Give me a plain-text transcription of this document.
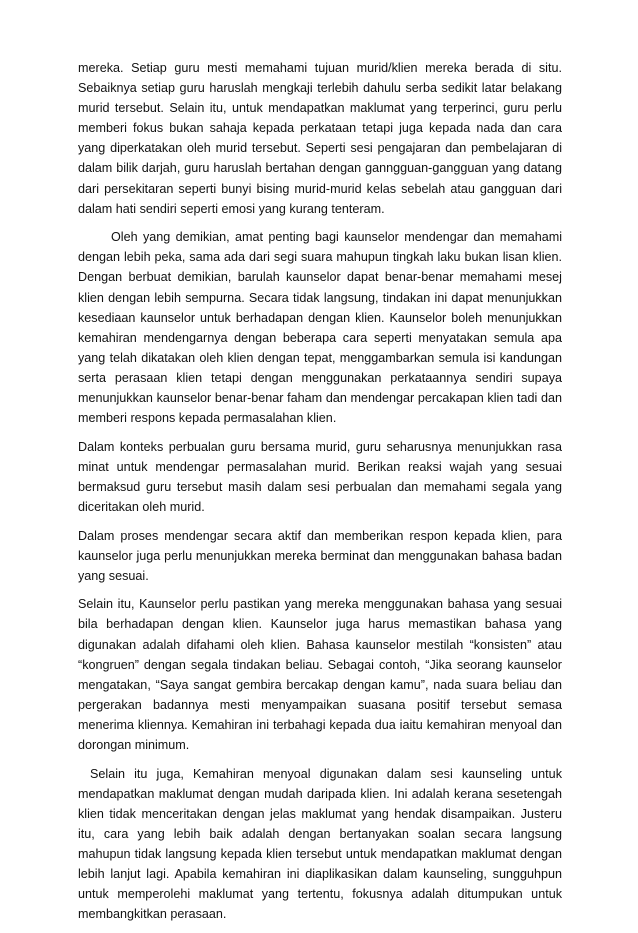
mereka. Setiap guru mesti memahami tujuan murid/klien mereka berada di situ. Sebaiknya setiap guru haruslah mengkaji terlebih dahulu serba sedikit latar belakang murid tersebut. Selain itu, untuk mendapatkan maklumat yang terperinci, guru perlu memberi fokus bukan sahaja kepada perkataan tetapi juga kepada nada dan cara yang diperkatakan oleh murid tersebut. Seperti sesi pengajaran dan pembelajaran di dalam bilik darjah, guru haruslah bertahan dengan gannggua‌n-gangguan yang datang dari persekitaran seperti bunyi bising murid-murid kelas sebelah atau gangguan dari dalam hati sendiri seperti emosi yang kurang tenteram.

Oleh yang demikian, amat penting bagi kaunselor mendengar dan memahami dengan lebih peka, sama ada dari segi suara mahupun tingkah laku bukan lisan klien. Dengan berbuat demikian, barulah kaunselor dapat benar-benar memahami mesej klien dengan lebih sempurna. Secara tidak langsung, tindakan ini dapat menunjukkan kesediaan kaunselor untuk berhadapan dengan klien. Kaunselor boleh menunjukkan kemahiran mendengarnya dengan beberapa cara seperti menyatakan semula apa yang telah dikatakan oleh klien dengan tepat, menggambarkan semula isi kandungan serta perasaan klien tetapi dengan menggunakan perkataannya sendiri supaya menunjukkan kaunselor benar-benar faham dan mendengar percakapan klien tadi dan memberi respons kepada permasalahan klien.

Dalam konteks perbualan guru bersama murid, guru seharusnya menunjukkan rasa minat untuk mendengar permasalahan murid. Berikan reaksi wajah yang sesuai bermaksud guru tersebut masih dalam sesi perbualan dan memahami segala yang diceritakan oleh murid.

Dalam proses mendengar secara aktif dan memberikan respon kepada klien, para kaunselor juga perlu menunjukkan mereka berminat dan menggunakan bahasa badan yang sesuai.

Selain itu, Kaunselor perlu pastikan yang mereka menggunakan bahasa yang sesuai bila berhadapan dengan klien. Kaunselor juga harus memastikan bahasa yang digunakan adalah difahami oleh klien. Bahasa kaunselor mestilah “konsisten” atau “kongruen” dengan segala tindakan beliau. Sebagai contoh, “Jika seorang kaunselor mengatakan, “Saya sangat gembira bercakap dengan kamu”, nada suara beliau dan pergerakan badannya mesti menyampaikan suasana positif tersebut semasa menerima kliennya. Kemahiran ini terbahagi kepada dua iaitu kemahiran menyoal dan dorongan minimum.

Selain itu juga, Kemahiran menyoal digunakan dalam sesi kaunseling untuk mendapatkan maklumat dengan mudah daripada klien. Ini adalah kerana sesetengah klien tidak menceritakan dengan jelas maklumat yang hendak disampaikan. Justeru itu, cara yang lebih baik adalah dengan bertanyakan soalan secara langsung mahupun tidak langsung kepada klien tersebut untuk mendapatkan maklumat dengan lebih lanjut lagi. Apabila kemahiran ini diaplikasikan dalam kaunseling, sungguhpun untuk memperolehi maklumat yang tertentu, fokusnya adalah ditumpukan untuk membangkitkan perasaan.
